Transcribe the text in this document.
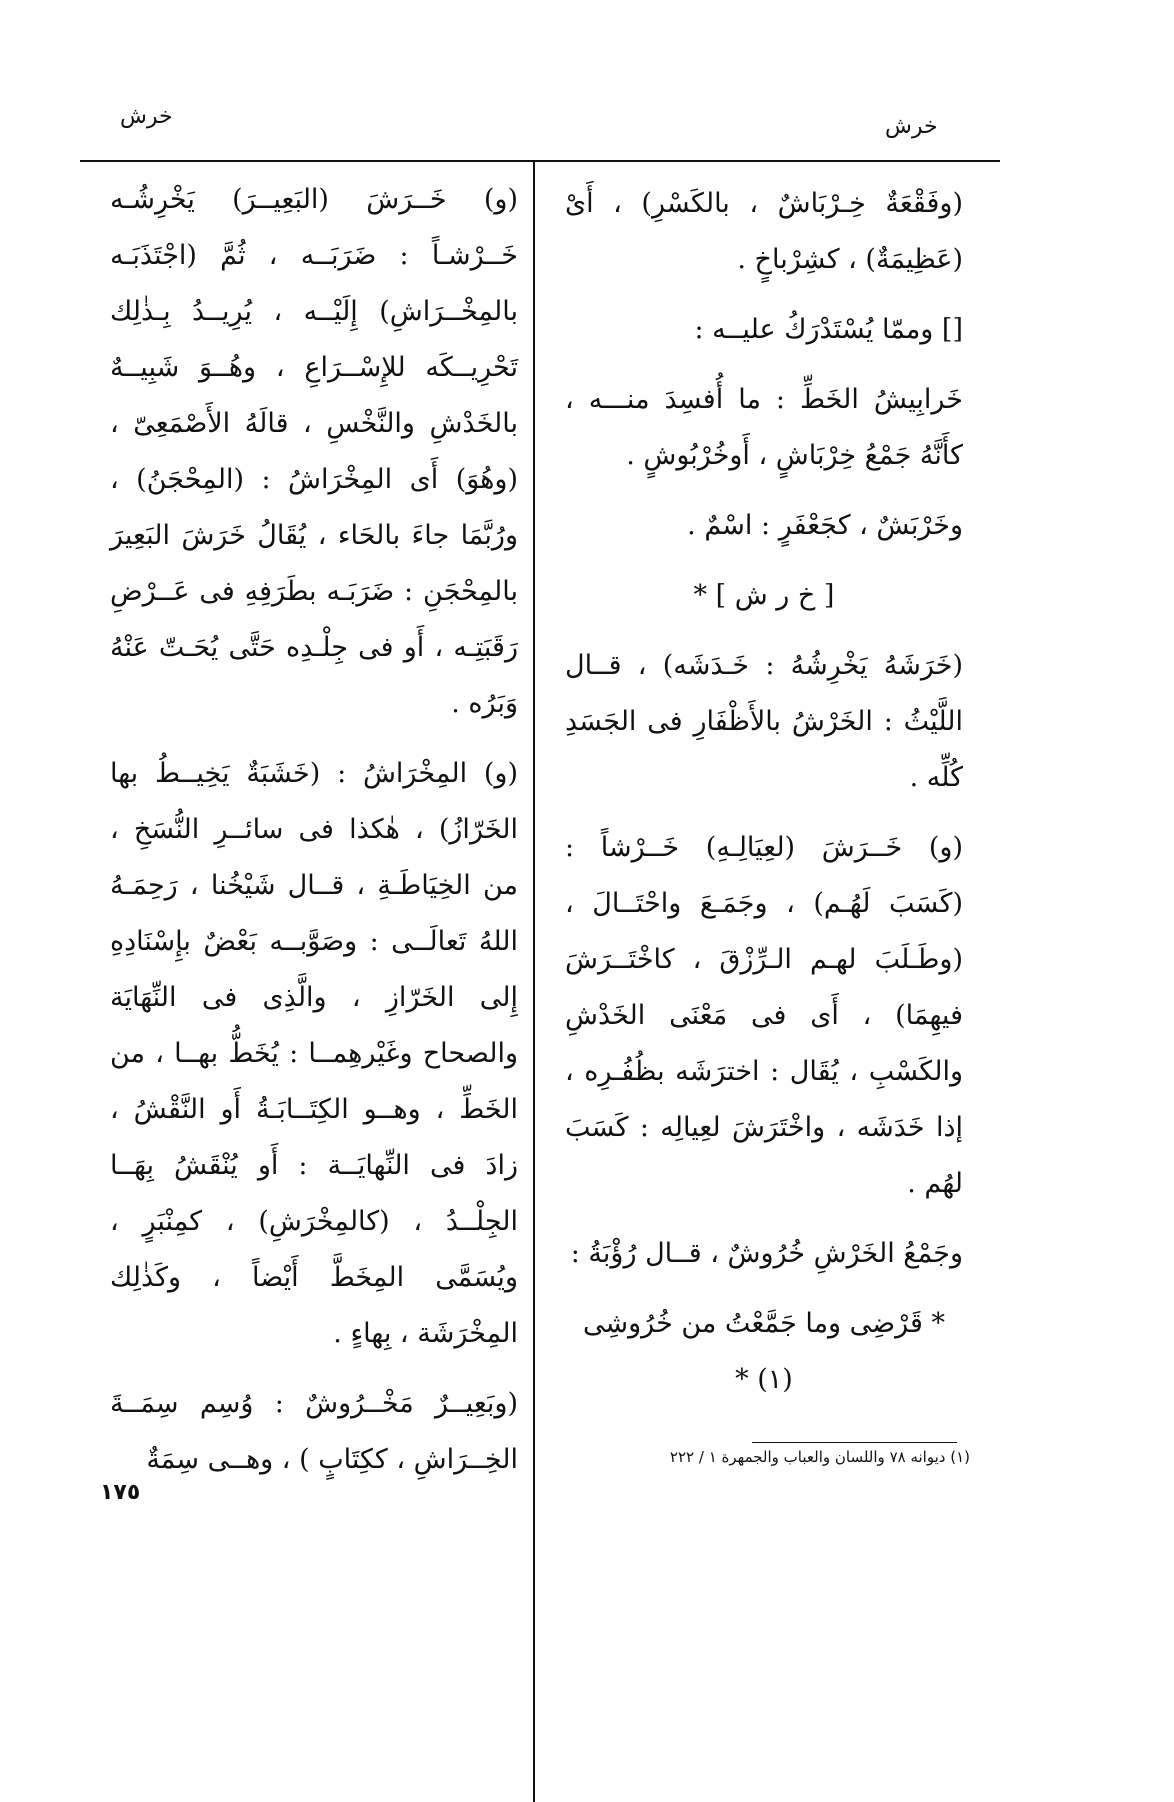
خرش
خرش

(وفَقْعَةٌ خِـرْبَاشٌ ، بالكَسْرِ) ، أَىْ (عَظِيمَةٌ) ، كشِرْباخٍ .

[] وممّا يُسْتَدْرَكُ عليــه :

خَرابِيشُ الخَطِّ : ما أُفسِدَ منـــه ، كأَنَّهُ جَمْعُ خِرْبَاشٍ ، أَوخُرْبُوشٍ .

وخَرْبَشٌ ، كجَعْفَرٍ : اسْمٌ .

[ خ ر ش ] *

(خَرَشَهُ يَخْرِشُهُ : خَـدَشَه) ، قــال اللَّيْثُ : الخَرْشُ بالأَظْفَارِ فى الجَسَدِ كُلِّه .

(و) خَــرَشَ (لعِيَالِـهِ) خَــرْشاً : (كَسَبَ لَهُـم) ، وجَمَـعَ واحْتَــالَ ، (وطَـلَبَ لهـم الـرِّزْقَ ، كاخْتَــرَشَ فيهِمَا) ، أَى فى مَعْنَى الخَدْشِ والكَسْبِ ، يُقَال : اخترَشَه بظُفُـرِه ، إذا خَدَشَه ، واخْتَرَشَ لعِيالِه : كَسَبَ لهُم .

وجَمْعُ الخَرْشِ خُرُوشٌ ، قــال رُؤْبَةُ :

* قَرْضِى وما جَمَّعْتُ من خُرُوشِى (١) *

(و) خَــرَشَ (البَعِيــرَ) يَخْرِشُـه خَــرْشـاً : ضَرَبَــه ، ثُمَّ (اجْتَذَبَـه بالمِخْــرَاشِ) إِلَيْــه ، يُرِيــدُ بِـذٰلِك تَحْرِيــكَه للإِسْــرَاعِ ، وهُــوَ شَبِيــهٌ بالخَدْشِ والنَّخْسِ ، قالَهُ الأَصْمَعِىّ ، (وهُوَ) أَى المِخْرَاشُ : (المِحْجَنُ) ، ورُبَّمَا جاءَ بالحَاء ، يُقَالُ خَرَشَ البَعِيرَ بالمِحْجَنِ : ضَرَبَـه بطَرَفِهِ فى عَــرْضِ رَقَبَتِـه ، أَو فى جِلْـدِه حَتَّى يُحَـتّ عَنْهُ وَبَرُه .

(و) المِخْرَاشُ : (خَشَبَةٌ يَخِيــطُ بها الخَرّازُ) ، هٰكذا فى سائــرِ النُّسَخِ ، من الخِيَاطَـةِ ، قــال شَيْخُنا ، رَحِمَـهُ اللهُ تَعالَــى : وصَوَّبــه بَعْضٌ بإِسْنَادِهِ إِلى الخَرّازِ ، والَّذِى فى النِّهَايَة والصحاح وغَيْرهِمــا : يُخَطُّ بهــا ، من الخَطِّ ، وهــو الكِتَــابَـةُ أَو النَّقْشُ ، زادَ فى النِّهايَــة : أَو يُنْقَشُ بِهَــا الجِلْــدُ ، (كالمِخْرَشِ) ، كمِنْبَرٍ ، ويُسَمَّى المِخَطَّ أَيْضاً ، وكَذٰلِك المِخْرَشَة ، بِهاءٍ .

(وبَعِيــرٌ مَخْــرُوشٌ : وُسِم سِمَــةَ الخِــرَاشِ ، ككِتَابٍ ) ، وهــى سِمَةٌ	(١) ديوانه ٧٨ واللسان والعباب والجمهرة ١ / ٢٢٢
١٧٥
